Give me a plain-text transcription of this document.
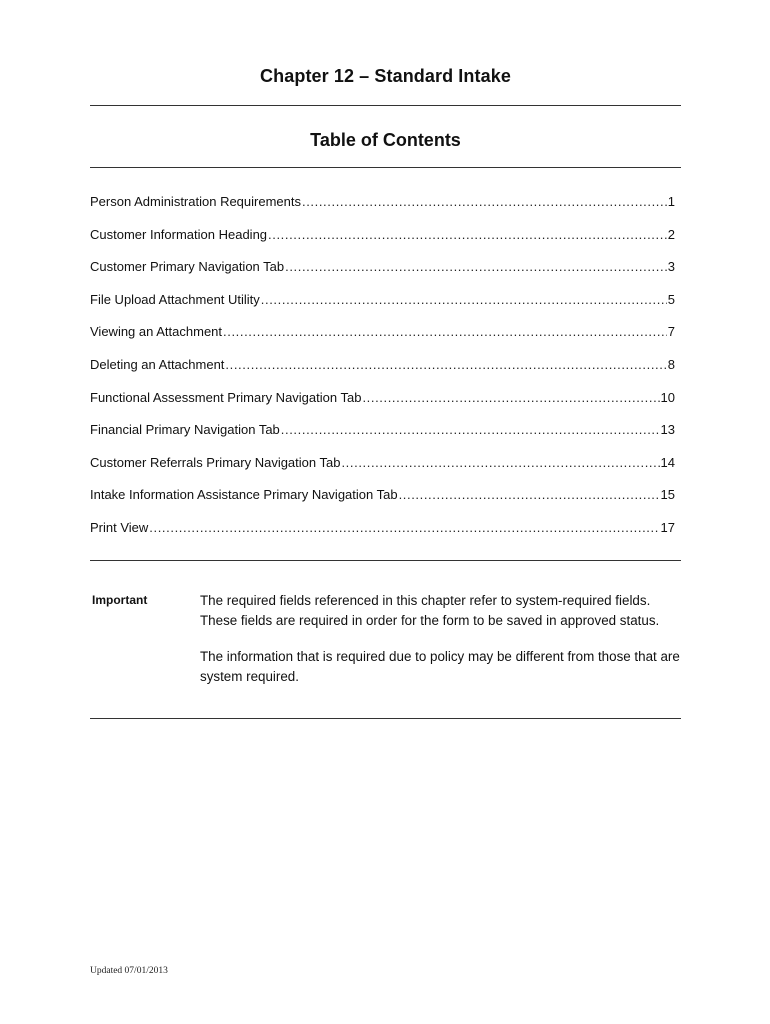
Chapter 12 – Standard Intake
Table of Contents
Person Administration Requirements .....	1
Customer Information Heading .....	2
Customer Primary Navigation Tab .....	3
File Upload Attachment Utility .....	5
Viewing an Attachment .....	7
Deleting an Attachment .....	8
Functional Assessment Primary Navigation Tab .....	10
Financial Primary Navigation Tab .....	13
Customer Referrals Primary Navigation Tab .....	14
Intake Information Assistance Primary Navigation Tab .....	15
Print View .....	17
Important	The required fields referenced in this chapter refer to system-required fields. These fields are required in order for the form to be saved in approved status.

The information that is required due to policy may be different from those that are system required.

Updated 07/01/2013
